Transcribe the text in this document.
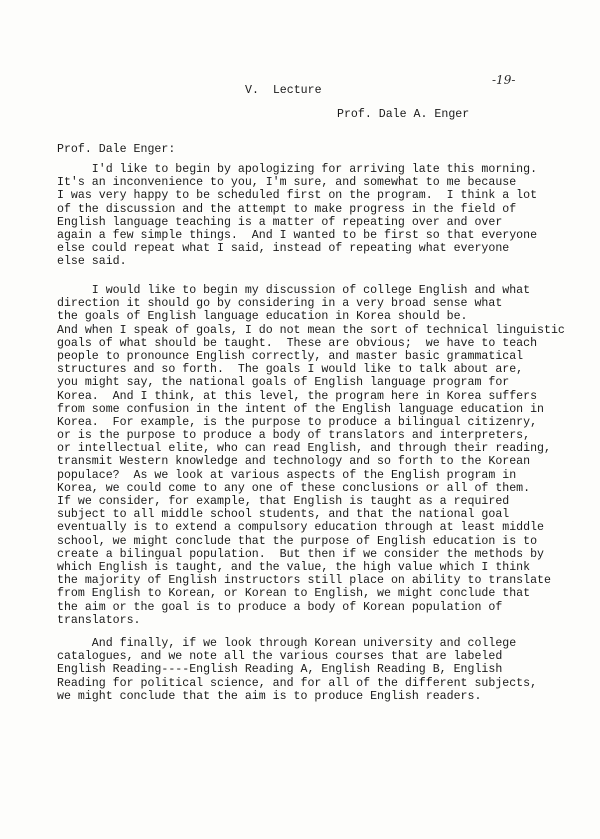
V.  Lecture
-19-
Prof. Dale A. Enger
Prof. Dale Enger:
I'd like to begin by apologizing for arriving late this morning.
It's an inconvenience to you, I'm sure, and somewhat to me because
I was very happy to be scheduled first on the program.  I think a lot
of the discussion and the attempt to make progress in the field of
English language teaching is a matter of repeating over and over
again a few simple things.  And I wanted to be first so that everyone
else could repeat what I said, instead of repeating what everyone
else said.
I would like to begin my discussion of college English and what
direction it should go by considering in a very broad sense what
the goals of English language education in Korea should be.
And when I speak of goals, I do not mean the sort of technical linguistic
goals of what should be taught.  These are obvious;  we have to teach
people to pronounce English correctly, and master basic grammatical
structures and so forth.  The goals I would like to talk about are,
you might say, the national goals of English language program for
Korea.  And I think, at this level, the program here in Korea suffers
from some confusion in the intent of the English language education in
Korea.  For example, is the purpose to produce a bilingual citizenry,
or is the purpose to produce a body of translators and interpreters,
or intellectual elite, who can read English, and through their reading,
transmit Western knowledge and technology and so forth to the Korean
populace?  As we look at various aspects of the English program in
Korea, we could come to any one of these conclusions or all of them.
If we consider, for example, that English is taught as a required
subject to all middle school students, and that the national goal
eventually is to extend a compulsory education through at least middle
school, we might conclude that the purpose of English education is to
create a bilingual population.  But then if we consider the methods by
which English is taught, and the value, the high value which I think
the majority of English instructors still place on ability to translate
from English to Korean, or Korean to English, we might conclude that
the aim or the goal is to produce a body of Korean population of
translators.
And finally, if we look through Korean university and college
catalogues, and we note all the various courses that are labeled
English Reading----English Reading A, English Reading B, English
Reading for political science, and for all of the different subjects,
we might conclude that the aim is to produce English readers.
